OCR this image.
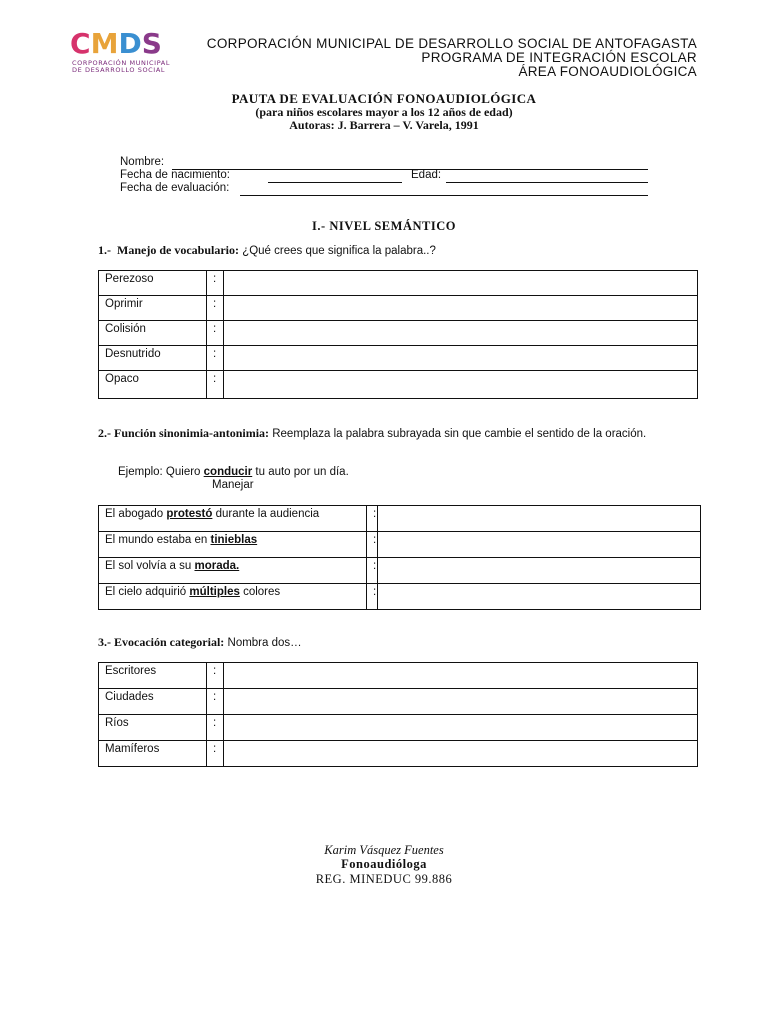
C M D S
CORPORACIÓN MUNICIPAL
DE DESARROLLO SOCIAL
CORPORACIÓN MUNICIPAL DE DESARROLLO SOCIAL DE ANTOFAGASTA
PROGRAMA DE INTEGRACIÓN ESCOLAR
ÁREA FONOAUDIOLÓGICA
PAUTA DE EVALUACIÓN FONOAUDIOLÓGICA
(para niños escolares mayor a los 12 años de edad)
Autoras: J. Barrera – V. Varela, 1991
Nombre:
Fecha de nacimiento:	Edad:
Fecha de evaluación:
I.- NIVEL SEMÁNTICO
1.- Manejo de vocabulario: ¿Qué crees que significa la palabra..?
Perezoso	:	
Oprimir	:	
Colisión	:	
Desnutrido	:	
Opaco	:	
2.- Función sinonimia-antonimia: Reemplaza la palabra subrayada sin que cambie el sentido de la oración.
Ejemplo: Quiero conducir tu auto por un día.
Manejar
El abogado protestó durante la audiencia	:	
El mundo estaba en tinieblas	:	
El sol volvía a su morada.	:	
El cielo adquirió múltiples colores	:	
3.- Evocación categorial: Nombra dos…
Escritores	:	
Ciudades	:	
Ríos	:	
Mamíferos	:	
Karim Vásquez Fuentes
Fonoaudióloga
REG. MINEDUC 99.886
